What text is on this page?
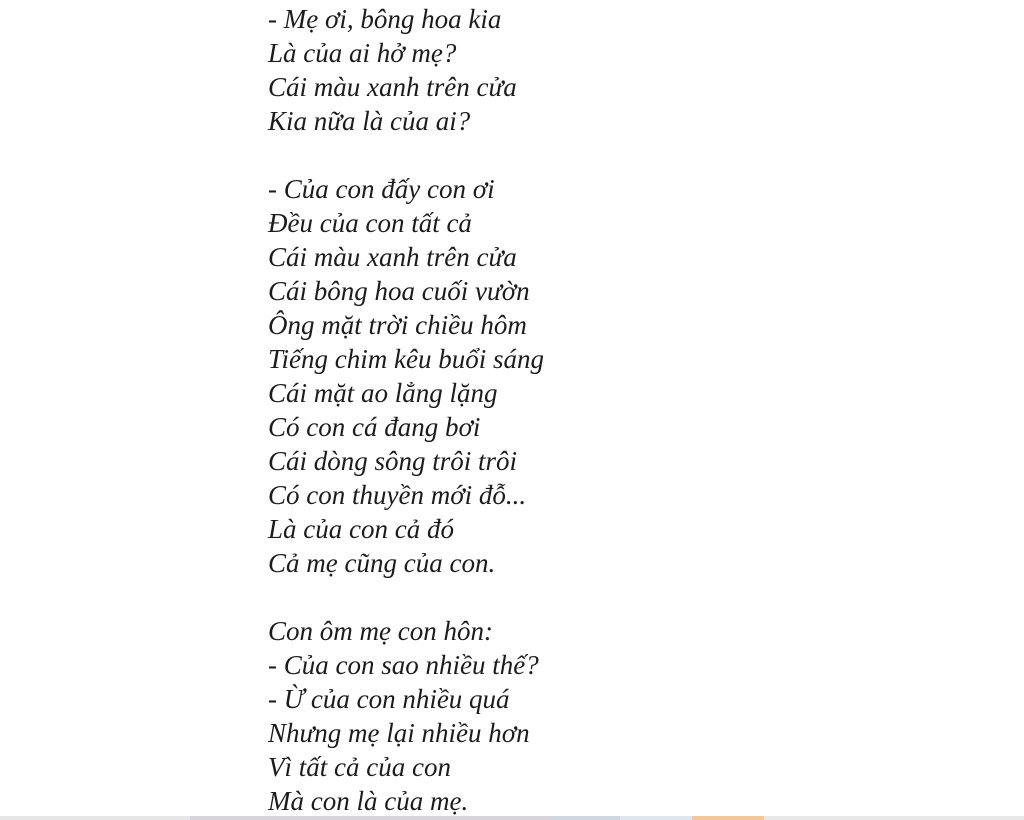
- Mẹ ơi, bông hoa kia
Là của ai hở mẹ?
Cái màu xanh trên cửa
Kia nữa là của ai?
- Của con đấy con ơi
Đều của con tất cả
Cái màu xanh trên cửa
Cái bông hoa cuối vườn
Ông mặt trời chiều hôm
Tiếng chim kêu buổi sáng
Cái mặt ao lẳng lặng
Có con cá đang bơi
Cái dòng sông trôi trôi
Có con thuyền mới đỗ...
Là của con cả đó
Cả mẹ cũng của con.
Con ôm mẹ con hôn:
- Của con sao nhiều thế?
- Ừ của con nhiều quá
Nhưng mẹ lại nhiều hơn
Vì tất cả của con
Mà con là của mẹ.
